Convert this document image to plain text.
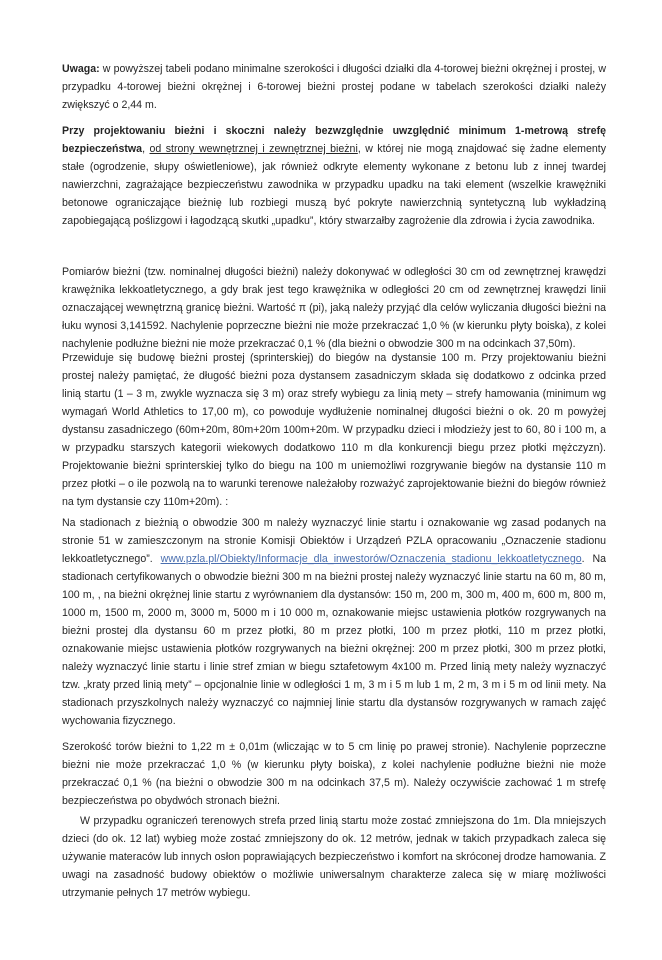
Uwaga: w powyższej tabeli podano minimalne szerokości i długości działki dla 4-torowej bieżni okrężnej i prostej, w przypadku 4-torowej bieżni okrężnej i 6-torowej bieżni prostej podane w tabelach szerokości działki należy zwiększyć o 2,44 m.

Przy projektowaniu bieżni i skoczni należy bezwzględnie uwzględnić minimum 1-metrową strefę bezpieczeństwa, od strony wewnętrznej i zewnętrznej bieżni, w której nie mogą znajdować się żadne elementy stałe (ogrodzenie, słupy oświetleniowe), jak również odkryte elementy wykonane z betonu lub z innej twardej nawierzchni, zagrażające bezpieczeństwu zawodnika w przypadku upadku na taki element (wszelkie krawężniki betonowe ograniczające bieżnię lub rozbiegi muszą być pokryte nawierzchnią syntetyczną lub wykładziną zapobiegającą poślizgowi i łagodzącą skutki „upadku”, który stwarzałby zagrożenie dla zdrowia i życia zawodnika.

Pomiarów bieżni (tzw. nominalnej długości bieżni) należy dokonywać w odległości 30 cm od zewnętrznej krawędzi krawężnika lekkoatletycznego, a gdy brak jest tego krawężnika w odległości 20 cm od zewnętrznej krawędzi linii oznaczającej wewnętrzną granicę bieżni. Wartość π (pi), jaką należy przyjąć dla celów wyliczania długości bieżni na łuku wynosi 3,141592. Nachylenie poprzeczne bieżni nie może przekraczać 1,0 % (w kierunku płyty boiska), z kolei nachylenie podłużne bieżni nie może przekraczać 0,1 % (dla bieżni o obwodzie 300 m na odcinkach 37,50m).

Przewiduje się budowę bieżni prostej (sprinterskiej) do biegów na dystansie 100 m. Przy projektowaniu bieżni prostej należy pamiętać, że długość bieżni poza dystansem zasadniczym składa się dodatkowo z odcinka przed linią startu (1 – 3 m, zwykle wyznacza się 3 m) oraz strefy wybiegu za linią mety – strefy hamowania (minimum wg wymagań World Athletics to 17,00 m), co powoduje wydłużenie nominalnej długości bieżni o ok. 20 m powyżej dystansu zasadniczego (60m+20m, 80m+20m 100m+20m. W przypadku dzieci i młodzieży jest to 60, 80 i 100 m, a w przypadku starszych kategorii wiekowych dodatkowo 110 m dla konkurencji biegu przez płotki mężczyzn). Projektowanie bieżni sprinterskiej tylko do biegu na 100 m uniemożliwi rozgrywanie biegów na dystansie 110 m przez płotki – o ile pozwolą na to warunki terenowe należałoby rozważyć zaprojektowanie bieżni do biegów również na tym dystansie czy 110m+20m). :

Na stadionach z bieżnią o obwodzie 300 m należy wyznaczyć linie startu i oznakowanie wg zasad podanych na stronie 51 w zamieszczonym na stronie Komisji Obiektów i Urządzeń PZLA opracowaniu „Oznaczenie stadionu lekkoatletycznego”. www.pzla.pl/Obiekty/Informacje_dla_inwestorów/Oznaczenia_stadionu_lekkoatletycznego. Na stadionach certyfikowanych o obwodzie bieżni 300 m na bieżni prostej należy wyznaczyć linie startu na 60 m, 80 m, 100 m, , na bieżni okrężnej linie startu z wyrównaniem dla dystansów: 150 m, 200 m, 300 m, 400 m, 600 m, 800 m, 1000 m, 1500 m, 2000 m, 3000 m, 5000 m i 10 000 m, oznakowanie miejsc ustawienia płotków rozgrywanych na bieżni prostej dla dystansu 60 m przez płotki, 80 m przez płotki, 100 m przez płotki, 110 m przez płotki, oznakowanie miejsc ustawienia płotków rozgrywanych na bieżni okrężnej: 200 m przez płotki, 300 m przez płotki, należy wyznaczyć linie startu i linie stref zmian w biegu sztafetowym 4x100 m. Przed linią mety należy wyznaczyć tzw. „kraty przed linią mety” – opcjonalnie linie w odległości 1 m, 3 m i 5 m lub 1 m, 2 m, 3 m i 5 m od linii mety. Na stadionach przyszkolnych należy wyznaczyć co najmniej linie startu dla dystansów rozgrywanych w ramach zajęć wychowania fizycznego.

Szerokość torów bieżni to 1,22 m ± 0,01m (wliczając w to 5 cm linię po prawej stronie). Nachylenie poprzeczne bieżni nie może przekraczać 1,0 % (w kierunku płyty boiska), z kolei nachylenie podłużne bieżni nie może przekraczać 0,1 % (na bieżni o obwodzie 300 m na odcinkach 37,5 m). Należy oczywiście zachować 1 m strefę bezpieczeństwa po obydwóch stronach bieżni.

W przypadku ograniczeń terenowych strefa przed linią startu może zostać zmniejszona do 1m. Dla mniejszych dzieci (do ok. 12 lat) wybieg może zostać zmniejszony do ok. 12 metrów, jednak w takich przypadkach zaleca się używanie materaców lub innych osłon poprawiających bezpieczeństwo i komfort na skróconej drodze hamowania. Z uwagi na zasadność budowy obiektów o możliwie uniwersalnym charakterze zaleca się w miarę możliwości utrzymanie pełnych 17 metrów wybiegu.
